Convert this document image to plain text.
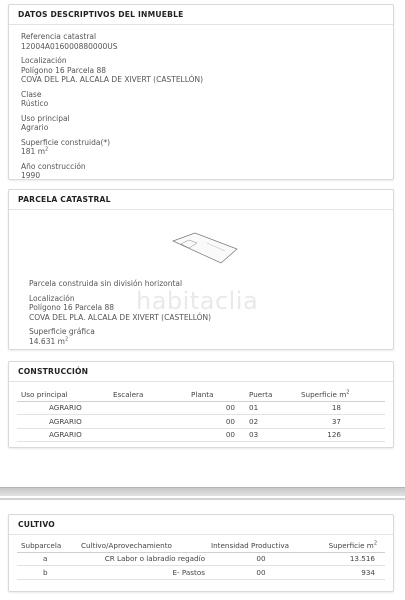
DATOS DESCRIPTIVOS DEL INMUEBLE
Referencia catastral
12004A016000880000US
Localización
Polígono 16 Parcela 88
COVA DEL PLA. ALCALA DE XIVERT (CASTELLÓN)
Clase
Rústico
Uso principal
Agrario
Superficie construida(*)
181 $m^2$
Año construcción
1990
PARCELA CATASTRAL
Parcela construida sin división horizontal
Localización
Polígono 16 Parcela 88
COVA DEL PLA. ALCALA DE XIVERT (CASTELLÓN)
Superficie gráfica
14.631 $m^2$
habitaclia
CONSTRUCCIÓN
Uso principal	Escalera	Planta	Puerta	Superficie $m^2$
AGRARIO		00	01	18
AGRARIO		00	02	37
AGRARIO		00	03	126
CULTIVO
Subparcela	Cultivo/Aprovechamiento	Intensidad Productiva	Superficie $m^2$
a	CR Labor o labradío regadío	00	13.516
b	E- Pastos	00	934
